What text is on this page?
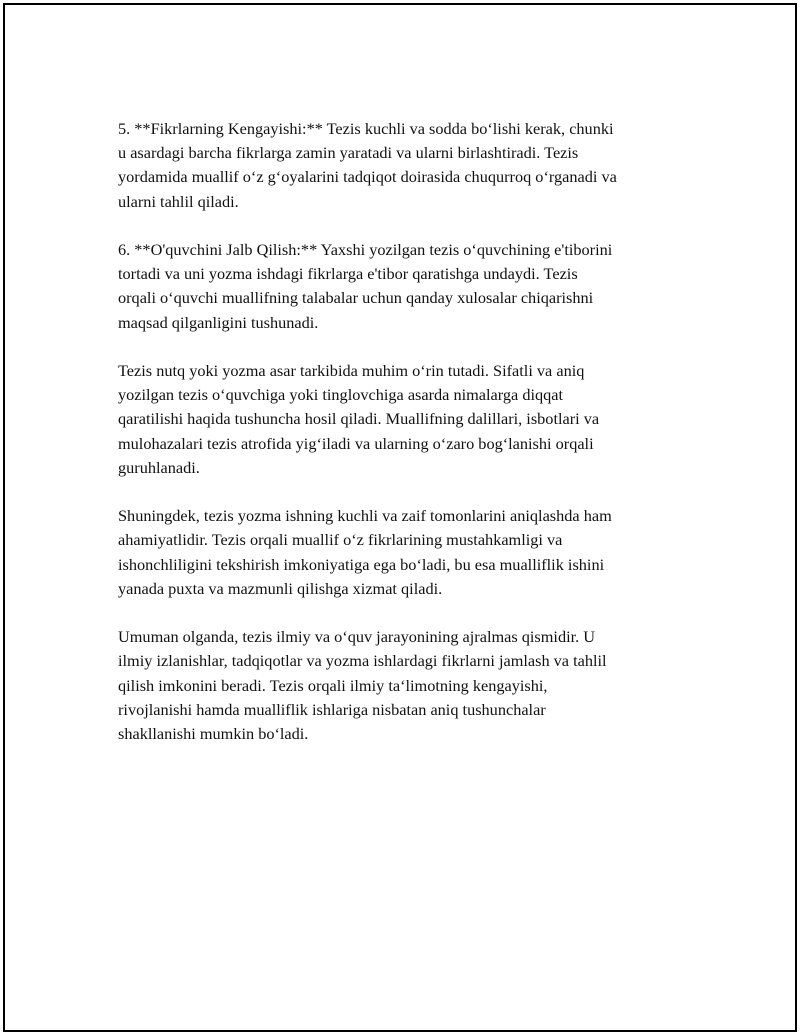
5. **Fikrlarning Kengayishi:** Tezis kuchli va sodda bo‘lishi kerak, chunki
u asardagi barcha fikrlarga zamin yaratadi va ularni birlashtiradi. Tezis
yordamida muallif o‘z g‘oyalarini tadqiqot doirasida chuqurroq o‘rganadi va
ularni tahlil qiladi.

6. **O'quvchini Jalb Qilish:** Yaxshi yozilgan tezis o‘quvchining e'tiborini
tortadi va uni yozma ishdagi fikrlarga e'tibor qaratishga undaydi. Tezis
orqali o‘quvchi muallifning talabalar uchun qanday xulosalar chiqarishni
maqsad qilganligini tushunadi.

Tezis nutq yoki yozma asar tarkibida muhim o‘rin tutadi. Sifatli va aniq
yozilgan tezis o‘quvchiga yoki tinglovchiga asarda nimalarga diqqat
qaratilishi haqida tushuncha hosil qiladi. Muallifning dalillari, isbotlari va
mulohazalari tezis atrofida yig‘iladi va ularning o‘zaro bog‘lanishi orqali
guruhlanadi.

Shuningdek, tezis yozma ishning kuchli va zaif tomonlarini aniqlashda ham
ahamiyatlidir. Tezis orqali muallif o‘z fikrlarining mustahkamligi va
ishonchliligini tekshirish imkoniyatiga ega bo‘ladi, bu esa mualliflik ishini
yanada puxta va mazmunli qilishga xizmat qiladi.

Umuman olganda, tezis ilmiy va o‘quv jarayonining ajralmas qismidir. U
ilmiy izlanishlar, tadqiqotlar va yozma ishlardagi fikrlarni jamlash va tahlil
qilish imkonini beradi. Tezis orqali ilmiy ta‘limotning kengayishi,
rivojlanishi hamda mualliflik ishlariga nisbatan aniq tushunchalar
shakllanishi mumkin bo‘ladi.
